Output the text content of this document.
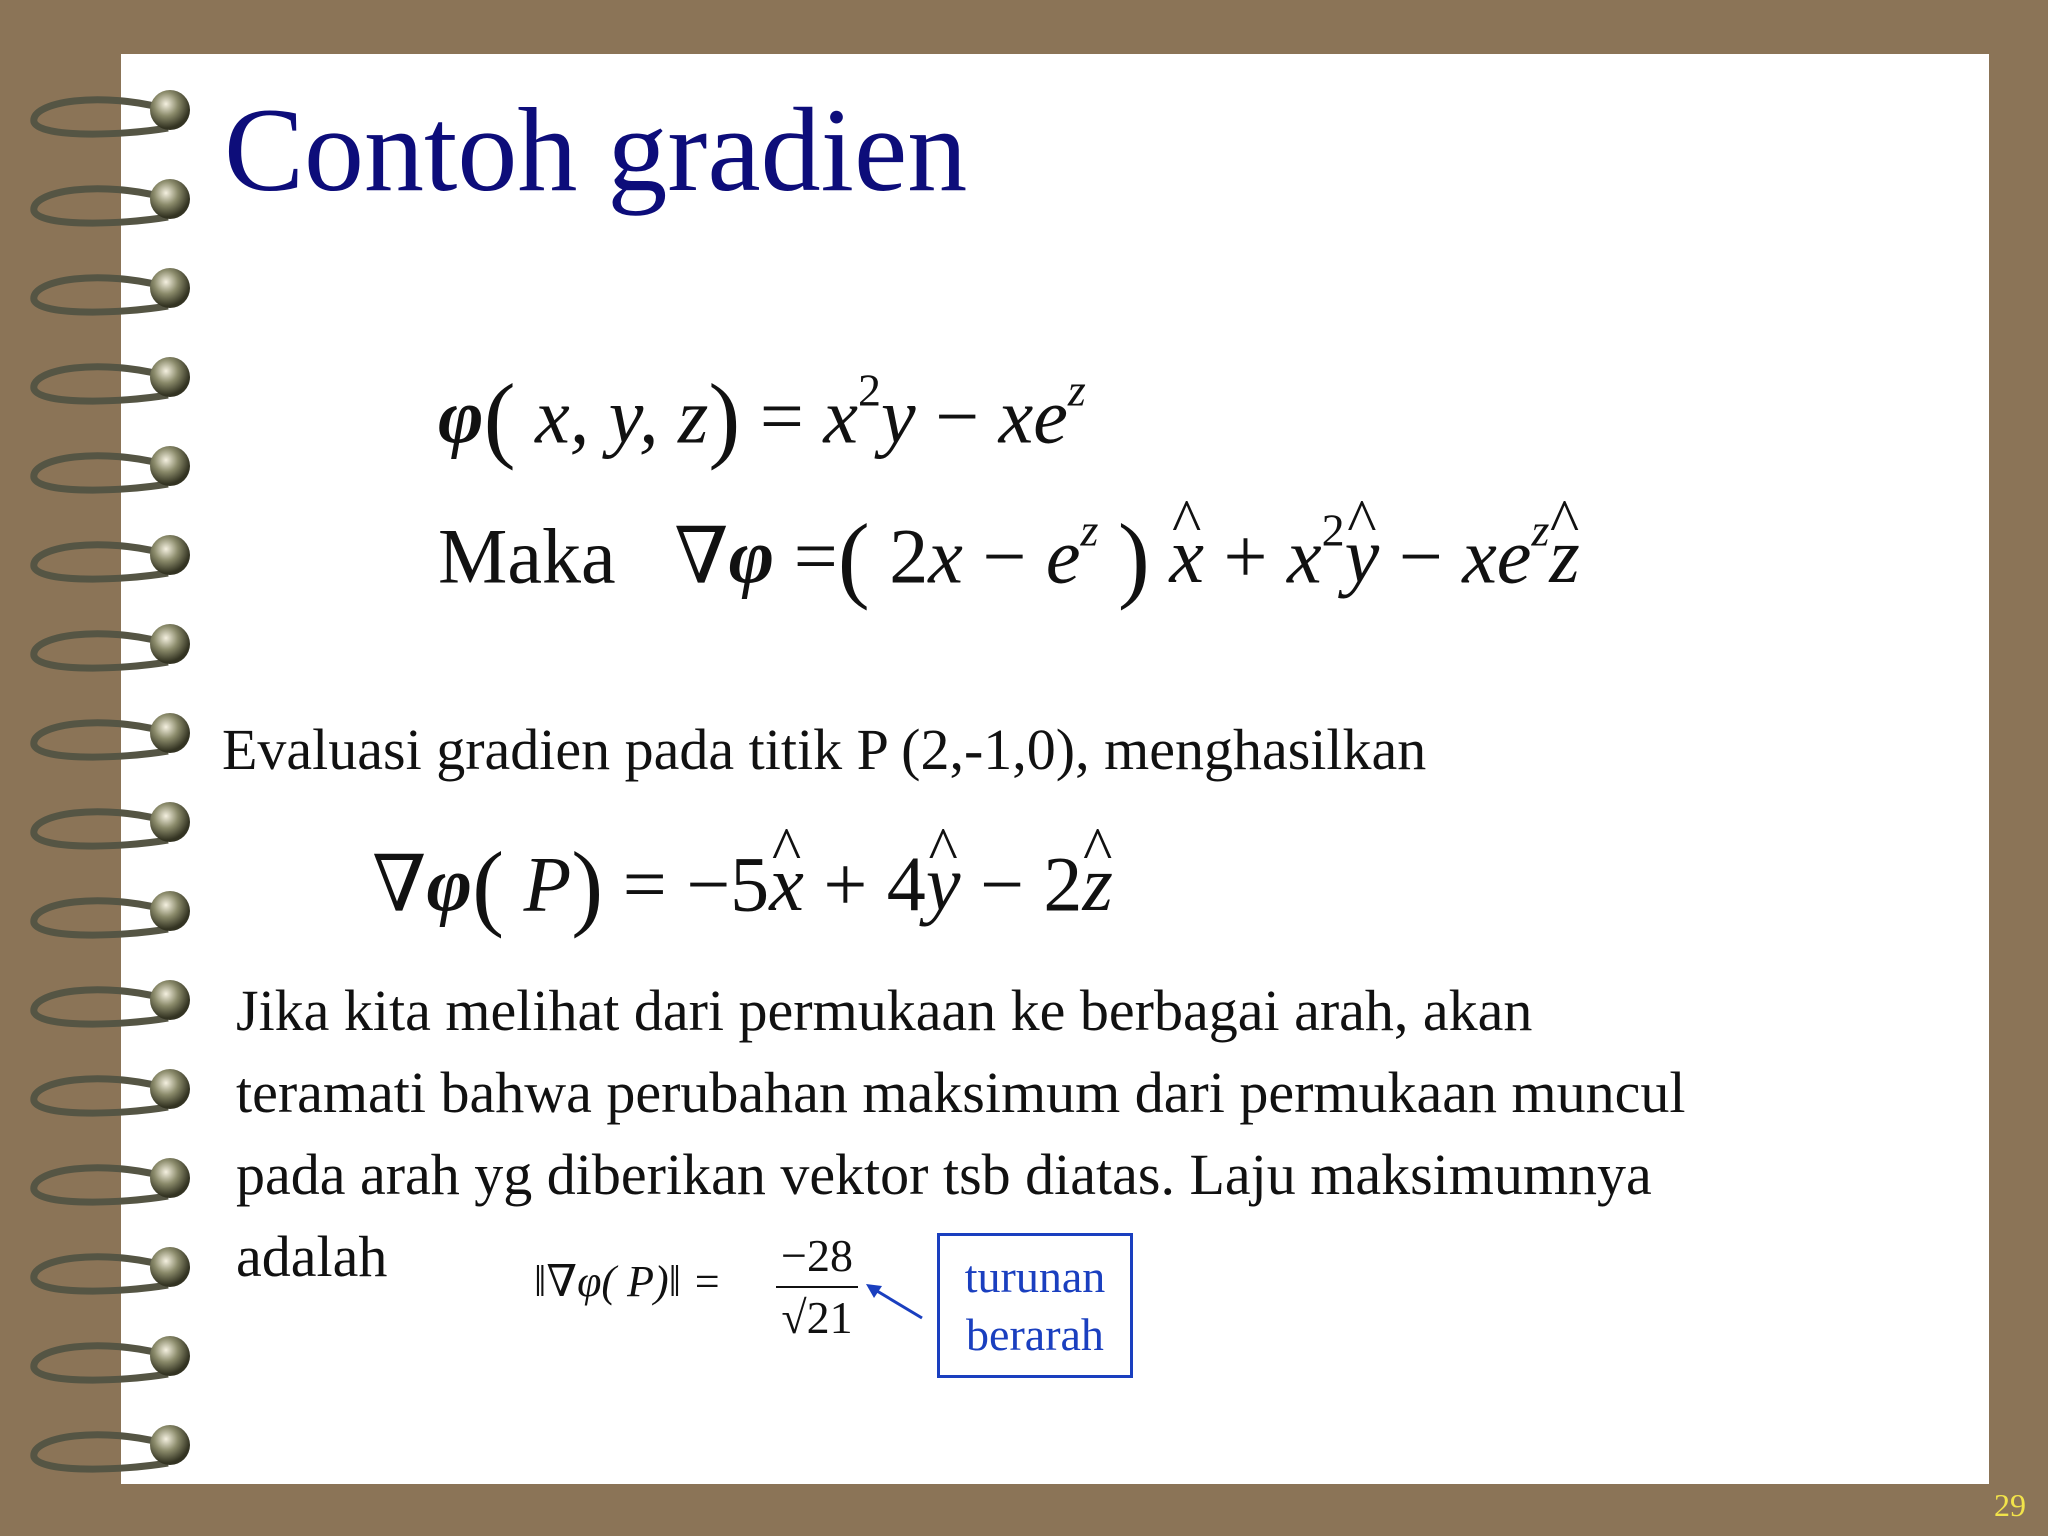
Contoh gradien
φ( x, y, $z) = x^2y - xe^z$
Maka ∇φ =( $2x - e^z$ ) ^ $x + x^2\^{}$ $y - xe^z\^{}$ z

Evaluasi gradien pada titik P (2,-1,0), menghasilkan

∇φ( P) = −5^ x + 4^ y − 2^ z
Jika kita melihat dari permukaan ke berbagai arah, akan
teramati bahwa perubahan maksimum dari permukaan muncul
pada arah yg diberikan vektor tsb diatas. Laju maksimumnya
adalah	‖∇φ( P)‖ = $\frac{-28}{√21}$	turunan
berarah
29
